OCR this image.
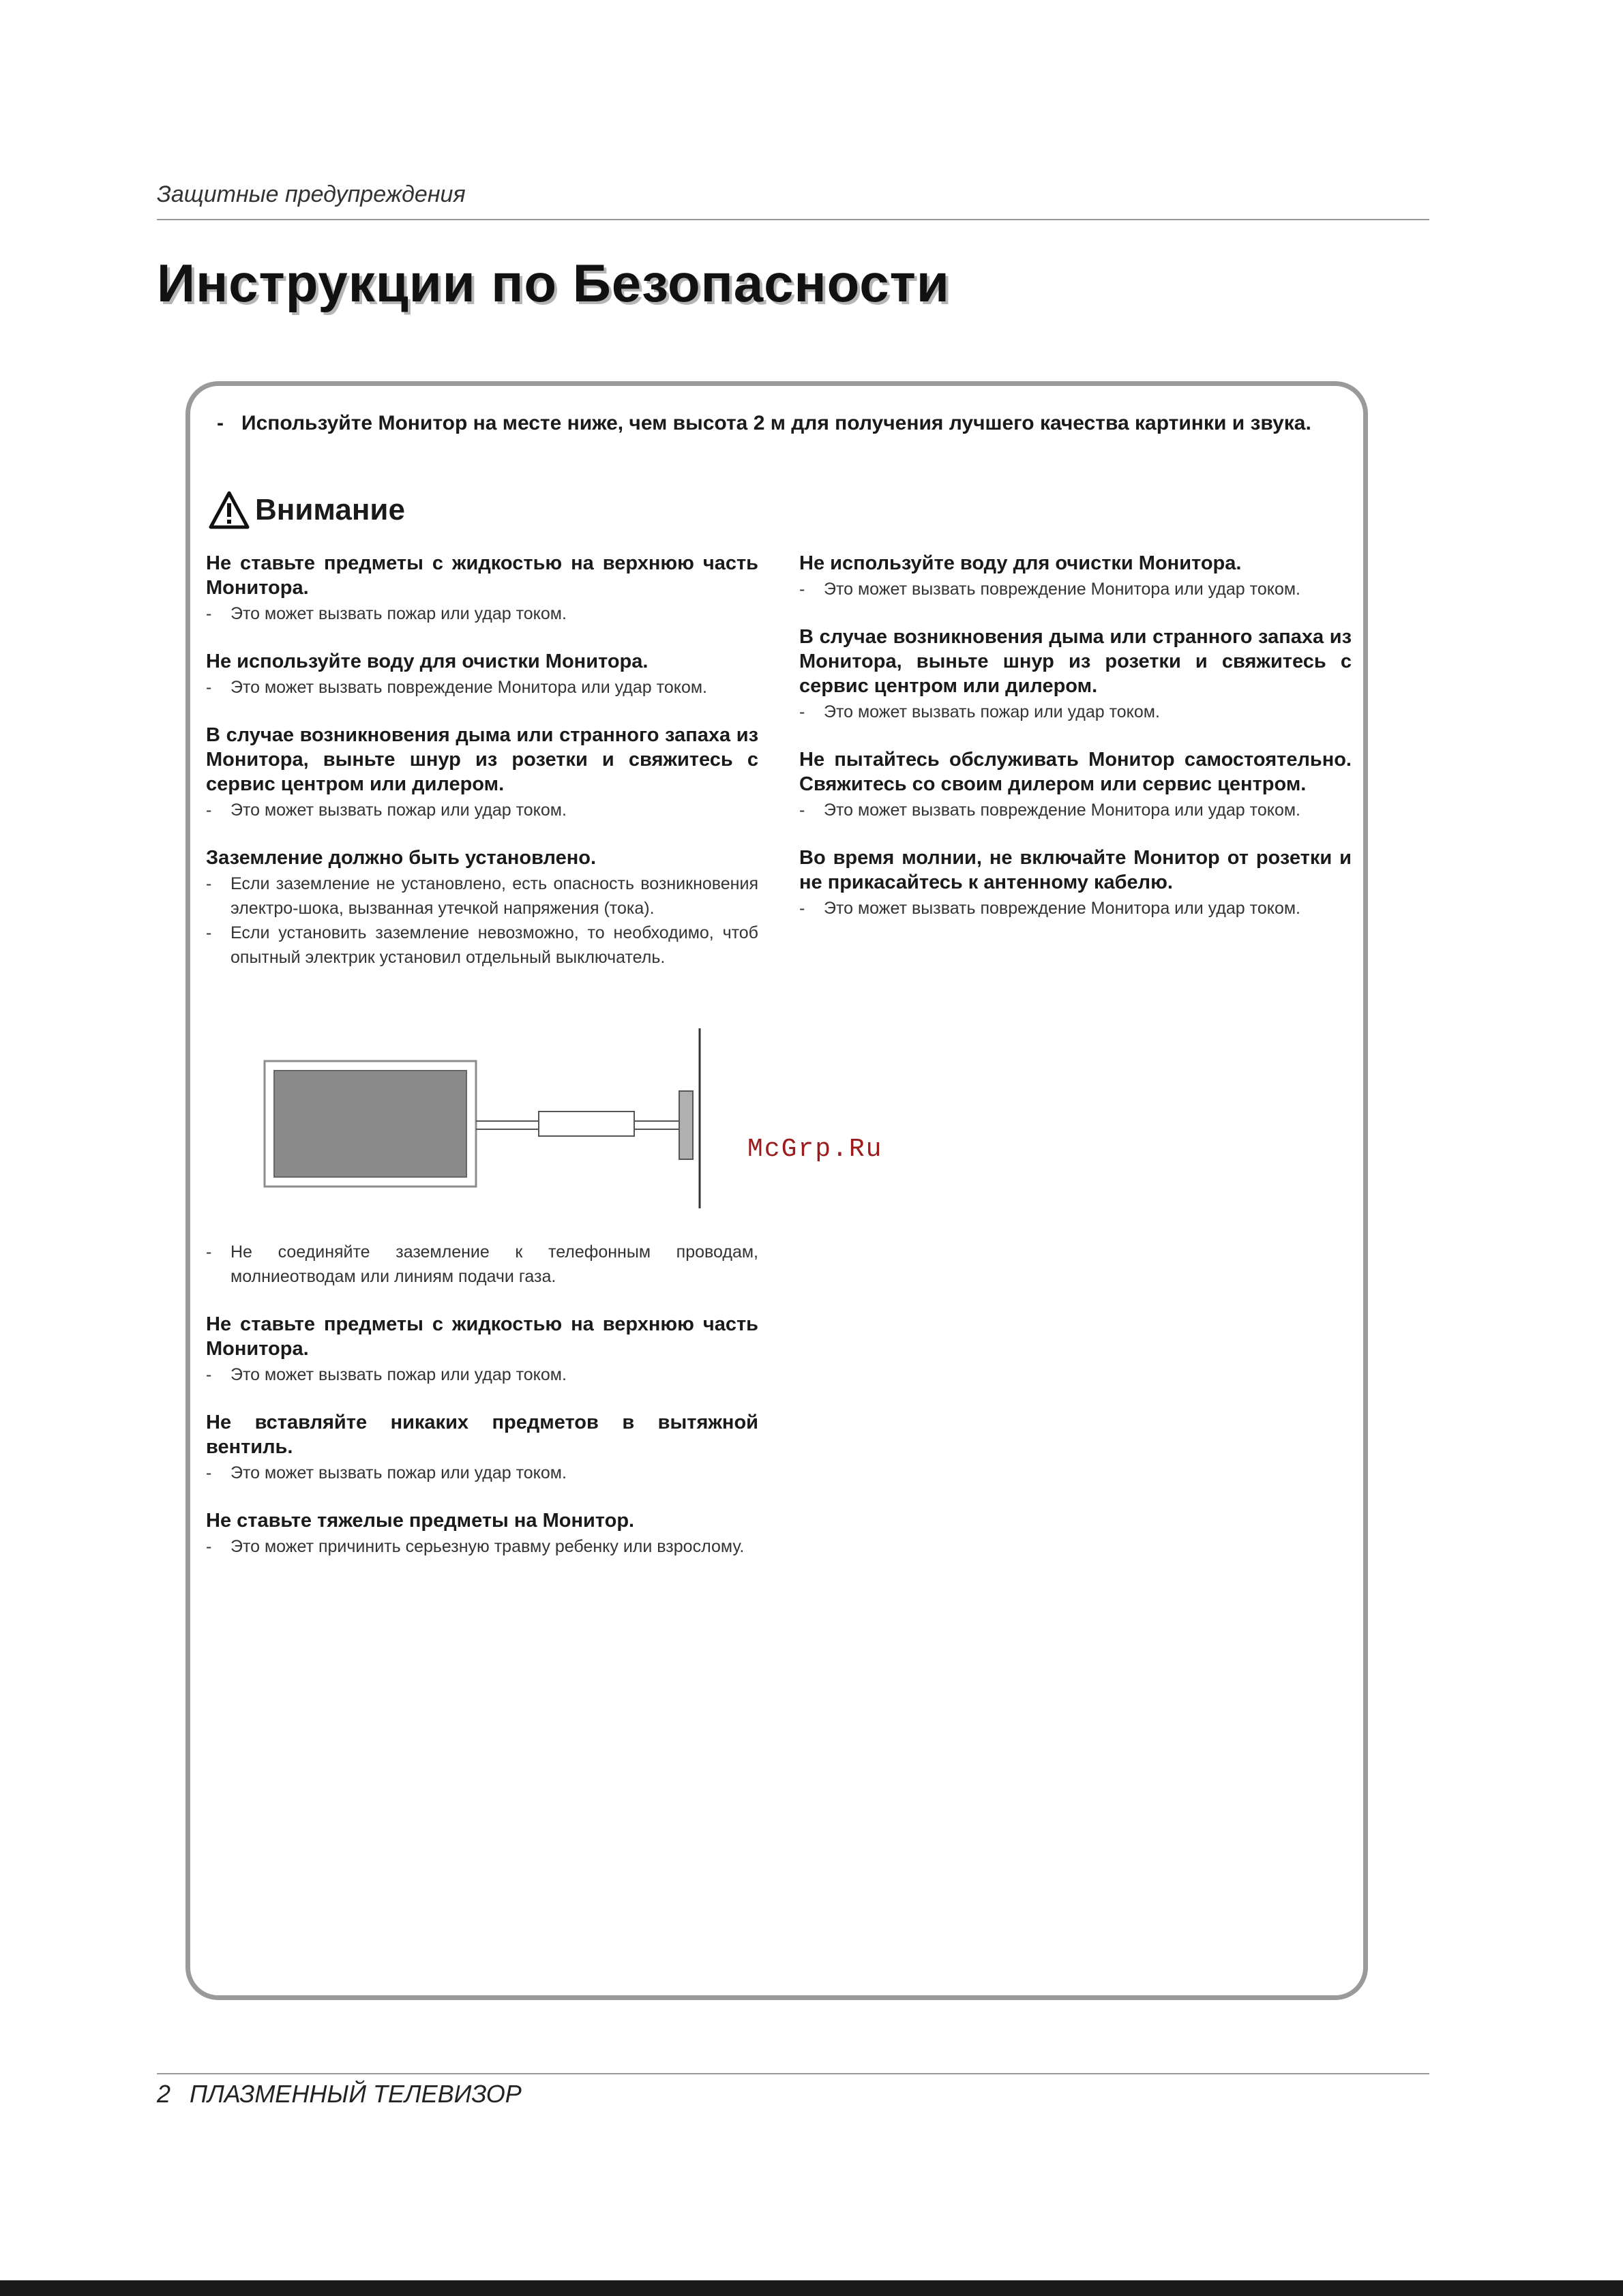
Защитные предупреждения
Инструкции по Безопасности
- Используйте Монитор на месте ниже, чем высота 2 м для получения лучшего качества картинки и звука.
Внимание
Не ставьте предметы с жидкостью на верхнюю часть Монитора.
- Это может вызвать пожар или удар током.
Не используйте воду для очистки Монитора.
- Это может вызвать повреждение Монитора или удар током.
В случае возникновения дыма или странного запаха из Монитора, выньте шнур из розетки и свяжитесь с сервис центром или дилером.
- Это может вызвать пожар или удар током.
Заземление должно быть установлено.
- Если заземление не установлено, есть опасность возникновения электро-шока, вызванная утечкой напряжения (тока).
- Если установить заземление невозможно, то необходимо, чтоб опытный электрик установил отдельный выключатель.
- Не соединяйте заземление к телефонным проводам, молниеотводам или линиям подачи газа.
Не ставьте предметы с жидкостью на верхнюю часть Монитора.
- Это может вызвать пожар или удар током.
Не вставляйте никаких предметов в вытяжной вентиль.
- Это может вызвать пожар или удар током.
Не ставьте тяжелые предметы на Монитор.
- Это может причинить серьезную травму ребенку или взрослому.
Не используйте воду для очистки Монитора.
- Это может вызвать повреждение Монитора или удар током.
В случае возникновения дыма или странного запаха из Монитора, выньте шнур из розетки и свяжитесь с сервис центром или дилером.
- Это может вызвать пожар или удар током.
Не пытайтесь обслуживать Монитор самостоятельно. Свяжитесь со своим дилером или сервис центром.
- Это может вызвать повреждение Монитора или удар током.
Во время молнии, не включайте Монитор от розетки и не прикасайтесь к антенному кабелю.
- Это может вызвать повреждение Монитора или удар током.
McGrp.Ru
2 ПЛАЗМЕННЫЙ ТЕЛЕВИЗОР
